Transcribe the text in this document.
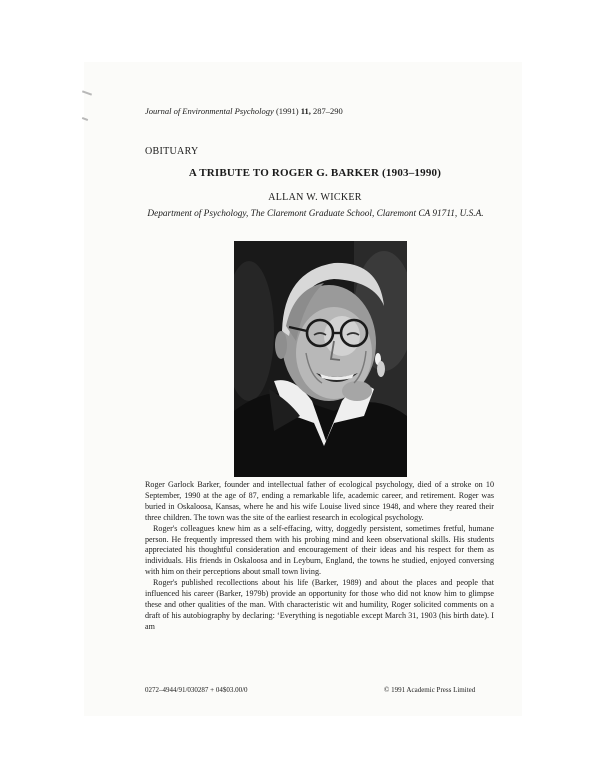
Journal of Environmental Psychology (1991) 11, 287–290
OBITUARY
A TRIBUTE TO ROGER G. BARKER (1903–1990)
ALLAN W. WICKER
Department of Psychology, The Claremont Graduate School, Claremont CA 91711, U.S.A.

Roger Garlock Barker, founder and intellectual father of ecological psychology, died of a stroke on 10 September, 1990 at the age of 87, ending a remarkable life, academic career, and retirement. Roger was buried in Oskaloosa, Kansas, where he and his wife Louise lived since 1948, and where they reared their three children. The town was the site of the earliest research in ecological psychology.

Roger's colleagues knew him as a self-effacing, witty, doggedly persistent, sometimes fretful, humane person. He frequently impressed them with his probing mind and keen observational skills. His students appreciated his thoughtful consideration and encouragement of their ideas and his respect for them as individuals. His friends in Oskaloosa and in Leyburn, England, the towns he studied, enjoyed conversing with him on their perceptions about small town living.

Roger's published recollections about his life (Barker, 1989) and about the places and people that influenced his career (Barker, 1979b) provide an opportunity for those who did not know him to glimpse these and other qualities of the man. With characteristic wit and humility, Roger solicited comments on a draft of his autobiography by declaring: ‘Everything is negotiable except March 31, 1903 (his birth date). I am

0272–4944/91/030287 + 04$03.00/0	© 1991 Academic Press Limited
